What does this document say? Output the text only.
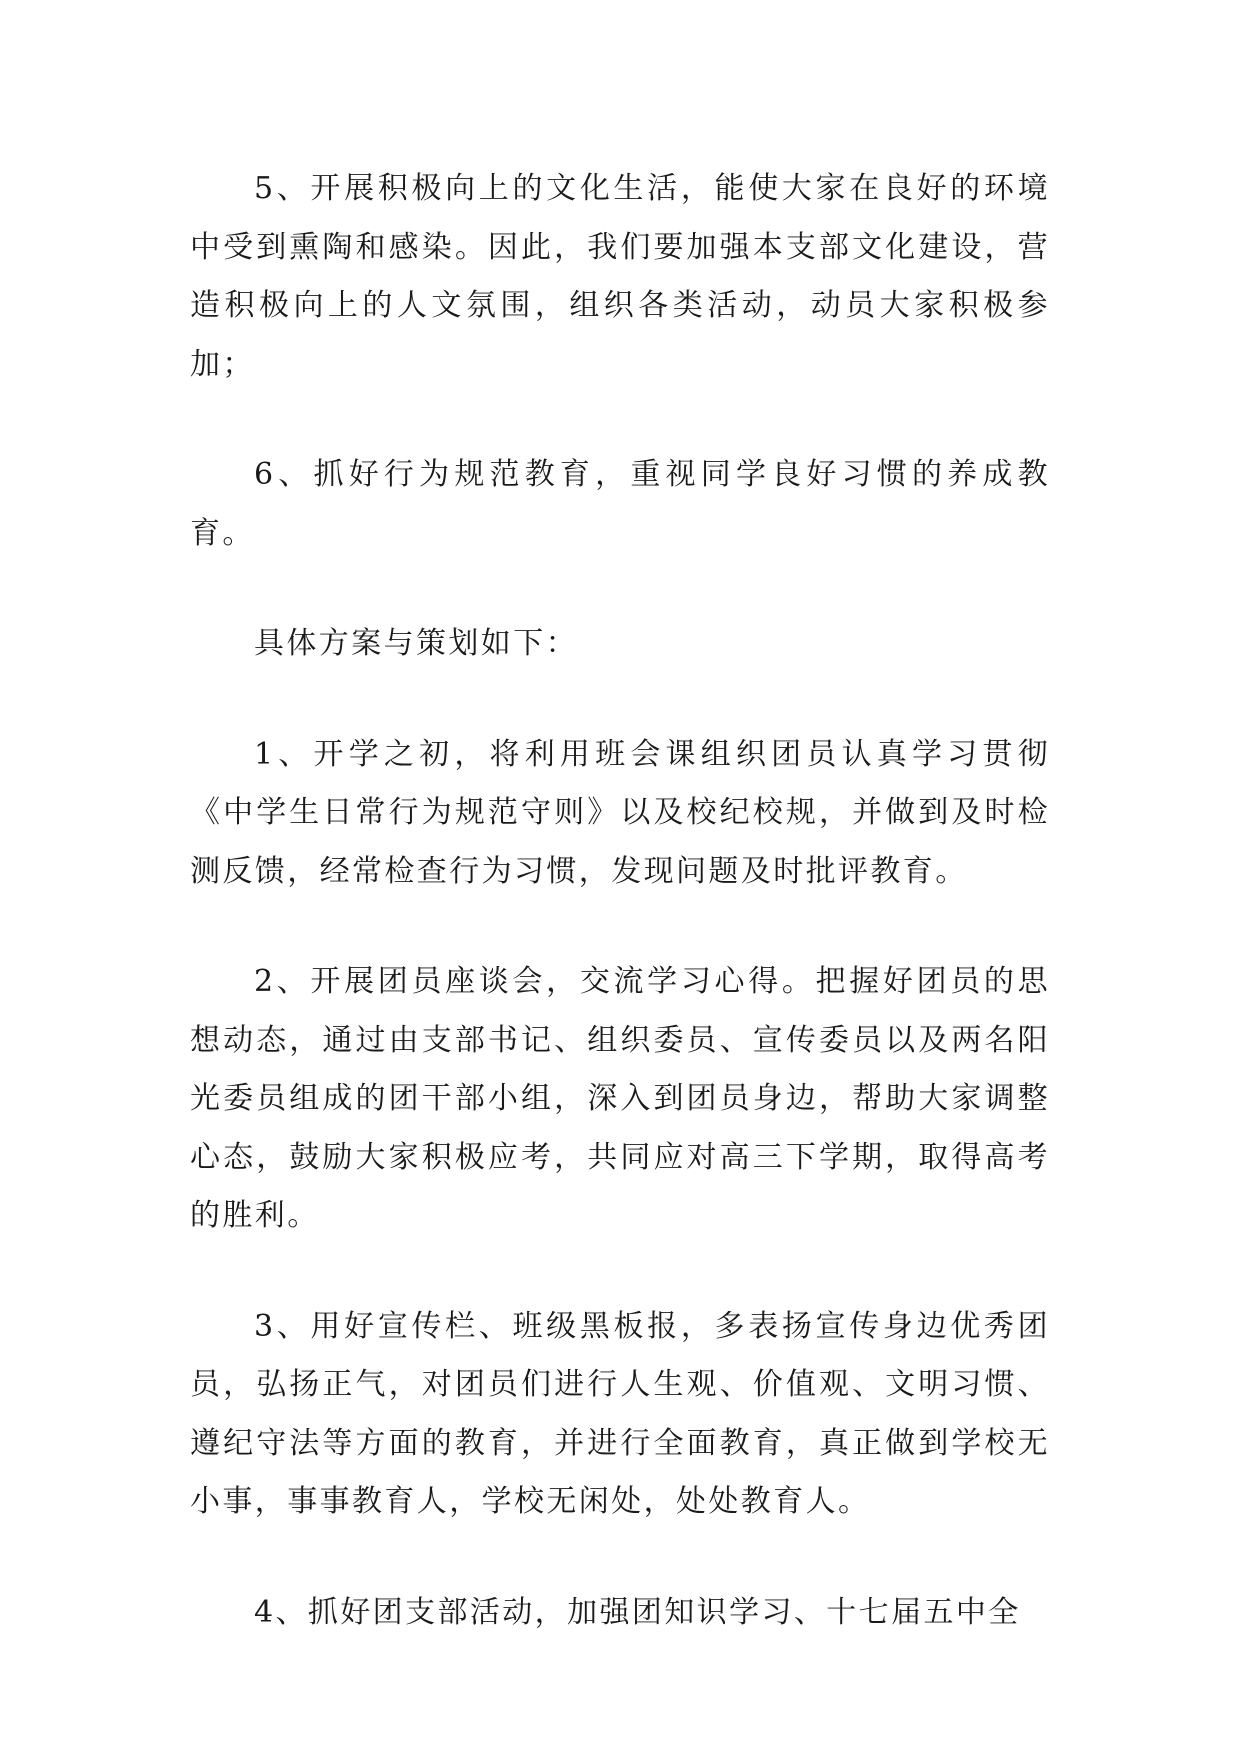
5、开展积极向上的文化生活，能使大家在良好的环境中受到熏陶和感染。因此，我们要加强本支部文化建设，营造积极向上的人文氛围，组织各类活动，动员大家积极参加；

6、抓好行为规范教育，重视同学良好习惯的养成教育。

具体方案与策划如下：

1、开学之初，将利用班会课组织团员认真学习贯彻《中学生日常行为规范守则》以及校纪校规，并做到及时检测反馈，经常检查行为习惯，发现问题及时批评教育。

2、开展团员座谈会，交流学习心得。把握好团员的思想动态，通过由支部书记、组织委员、宣传委员以及两名阳光委员组成的团干部小组，深入到团员身边，帮助大家调整心态，鼓励大家积极应考，共同应对高三下学期，取得高考的胜利。

3、用好宣传栏、班级黑板报，多表扬宣传身边优秀团员，弘扬正气，对团员们进行人生观、价值观、文明习惯、遵纪守法等方面的教育，并进行全面教育，真正做到学校无小事，事事教育人，学校无闲处，处处教育人。

4、抓好团支部活动，加强团知识学习、十七届五中全
